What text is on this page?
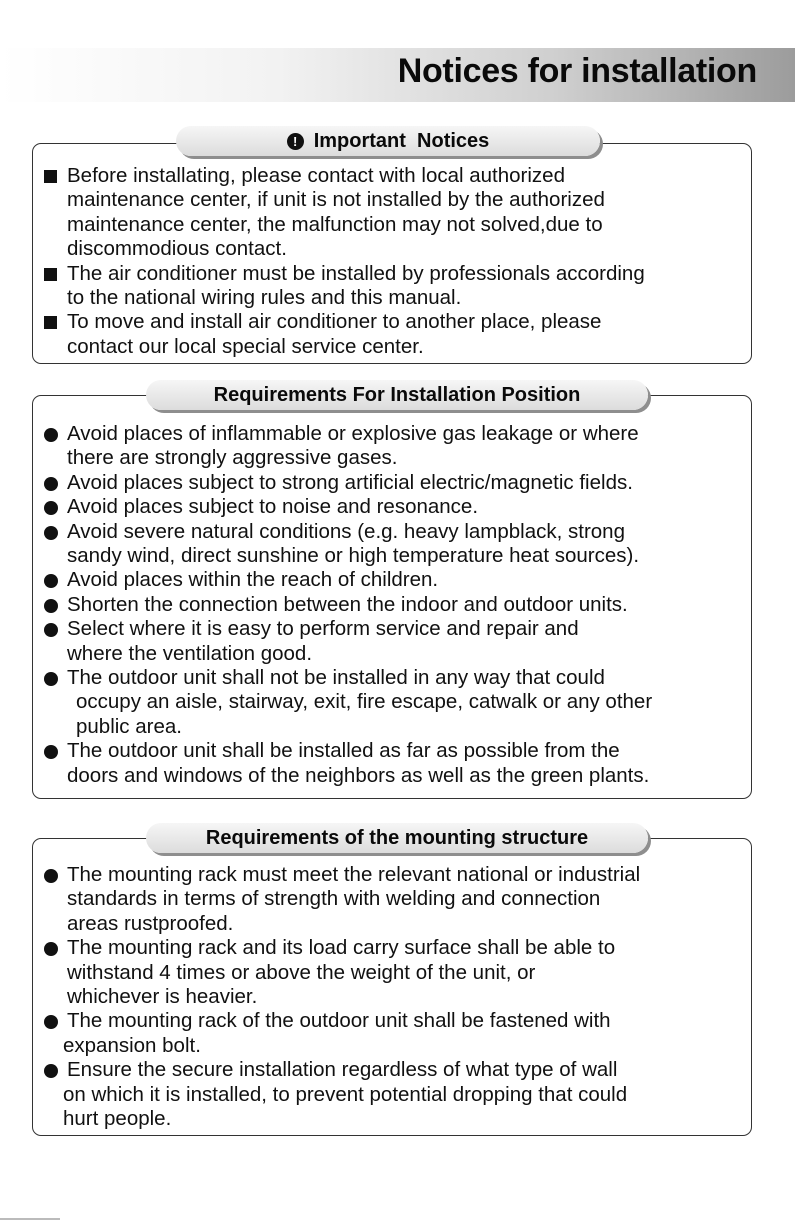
Notices for installation
Before installating, please contact with local authorized
maintenance center, if unit is not installed by the authorized
maintenance center, the malfunction may not solved,due to
discommodious contact.
The air conditioner must be installed by professionals according
to the national wiring rules and this manual.
To move and install air conditioner to another place, please
contact our local special service center.
! Important  Notices
Avoid places of inflammable or explosive gas leakage or where
there are strongly aggressive gases.
Avoid places subject to strong artificial electric/magnetic fields.
Avoid places subject to noise and resonance.
Avoid severe natural conditions (e.g. heavy lampblack, strong
sandy wind, direct sunshine or high temperature heat sources).
Avoid places within the reach of children.
Shorten the connection between the indoor and outdoor units.
Select where it is easy to perform service and repair and
where the ventilation good.
The outdoor unit shall not be installed in any way that could
occupy an aisle, stairway, exit, fire escape, catwalk or any other
public area.
The outdoor unit shall be installed as far as possible from the
doors and windows of the neighbors as well as the green plants.
Requirements For Installation Position
The mounting rack must meet the relevant national or industrial
standards in terms of strength with welding and connection
areas rustproofed.
The mounting rack and its load carry surface shall be able to
withstand 4 times or above the weight of the unit, or
whichever is heavier.
The mounting rack of the outdoor unit shall be fastened with
expansion bolt.
Ensure the secure installation regardless of what type of wall
on which it is installed, to prevent potential dropping that could
hurt people.
Requirements of the mounting structure
